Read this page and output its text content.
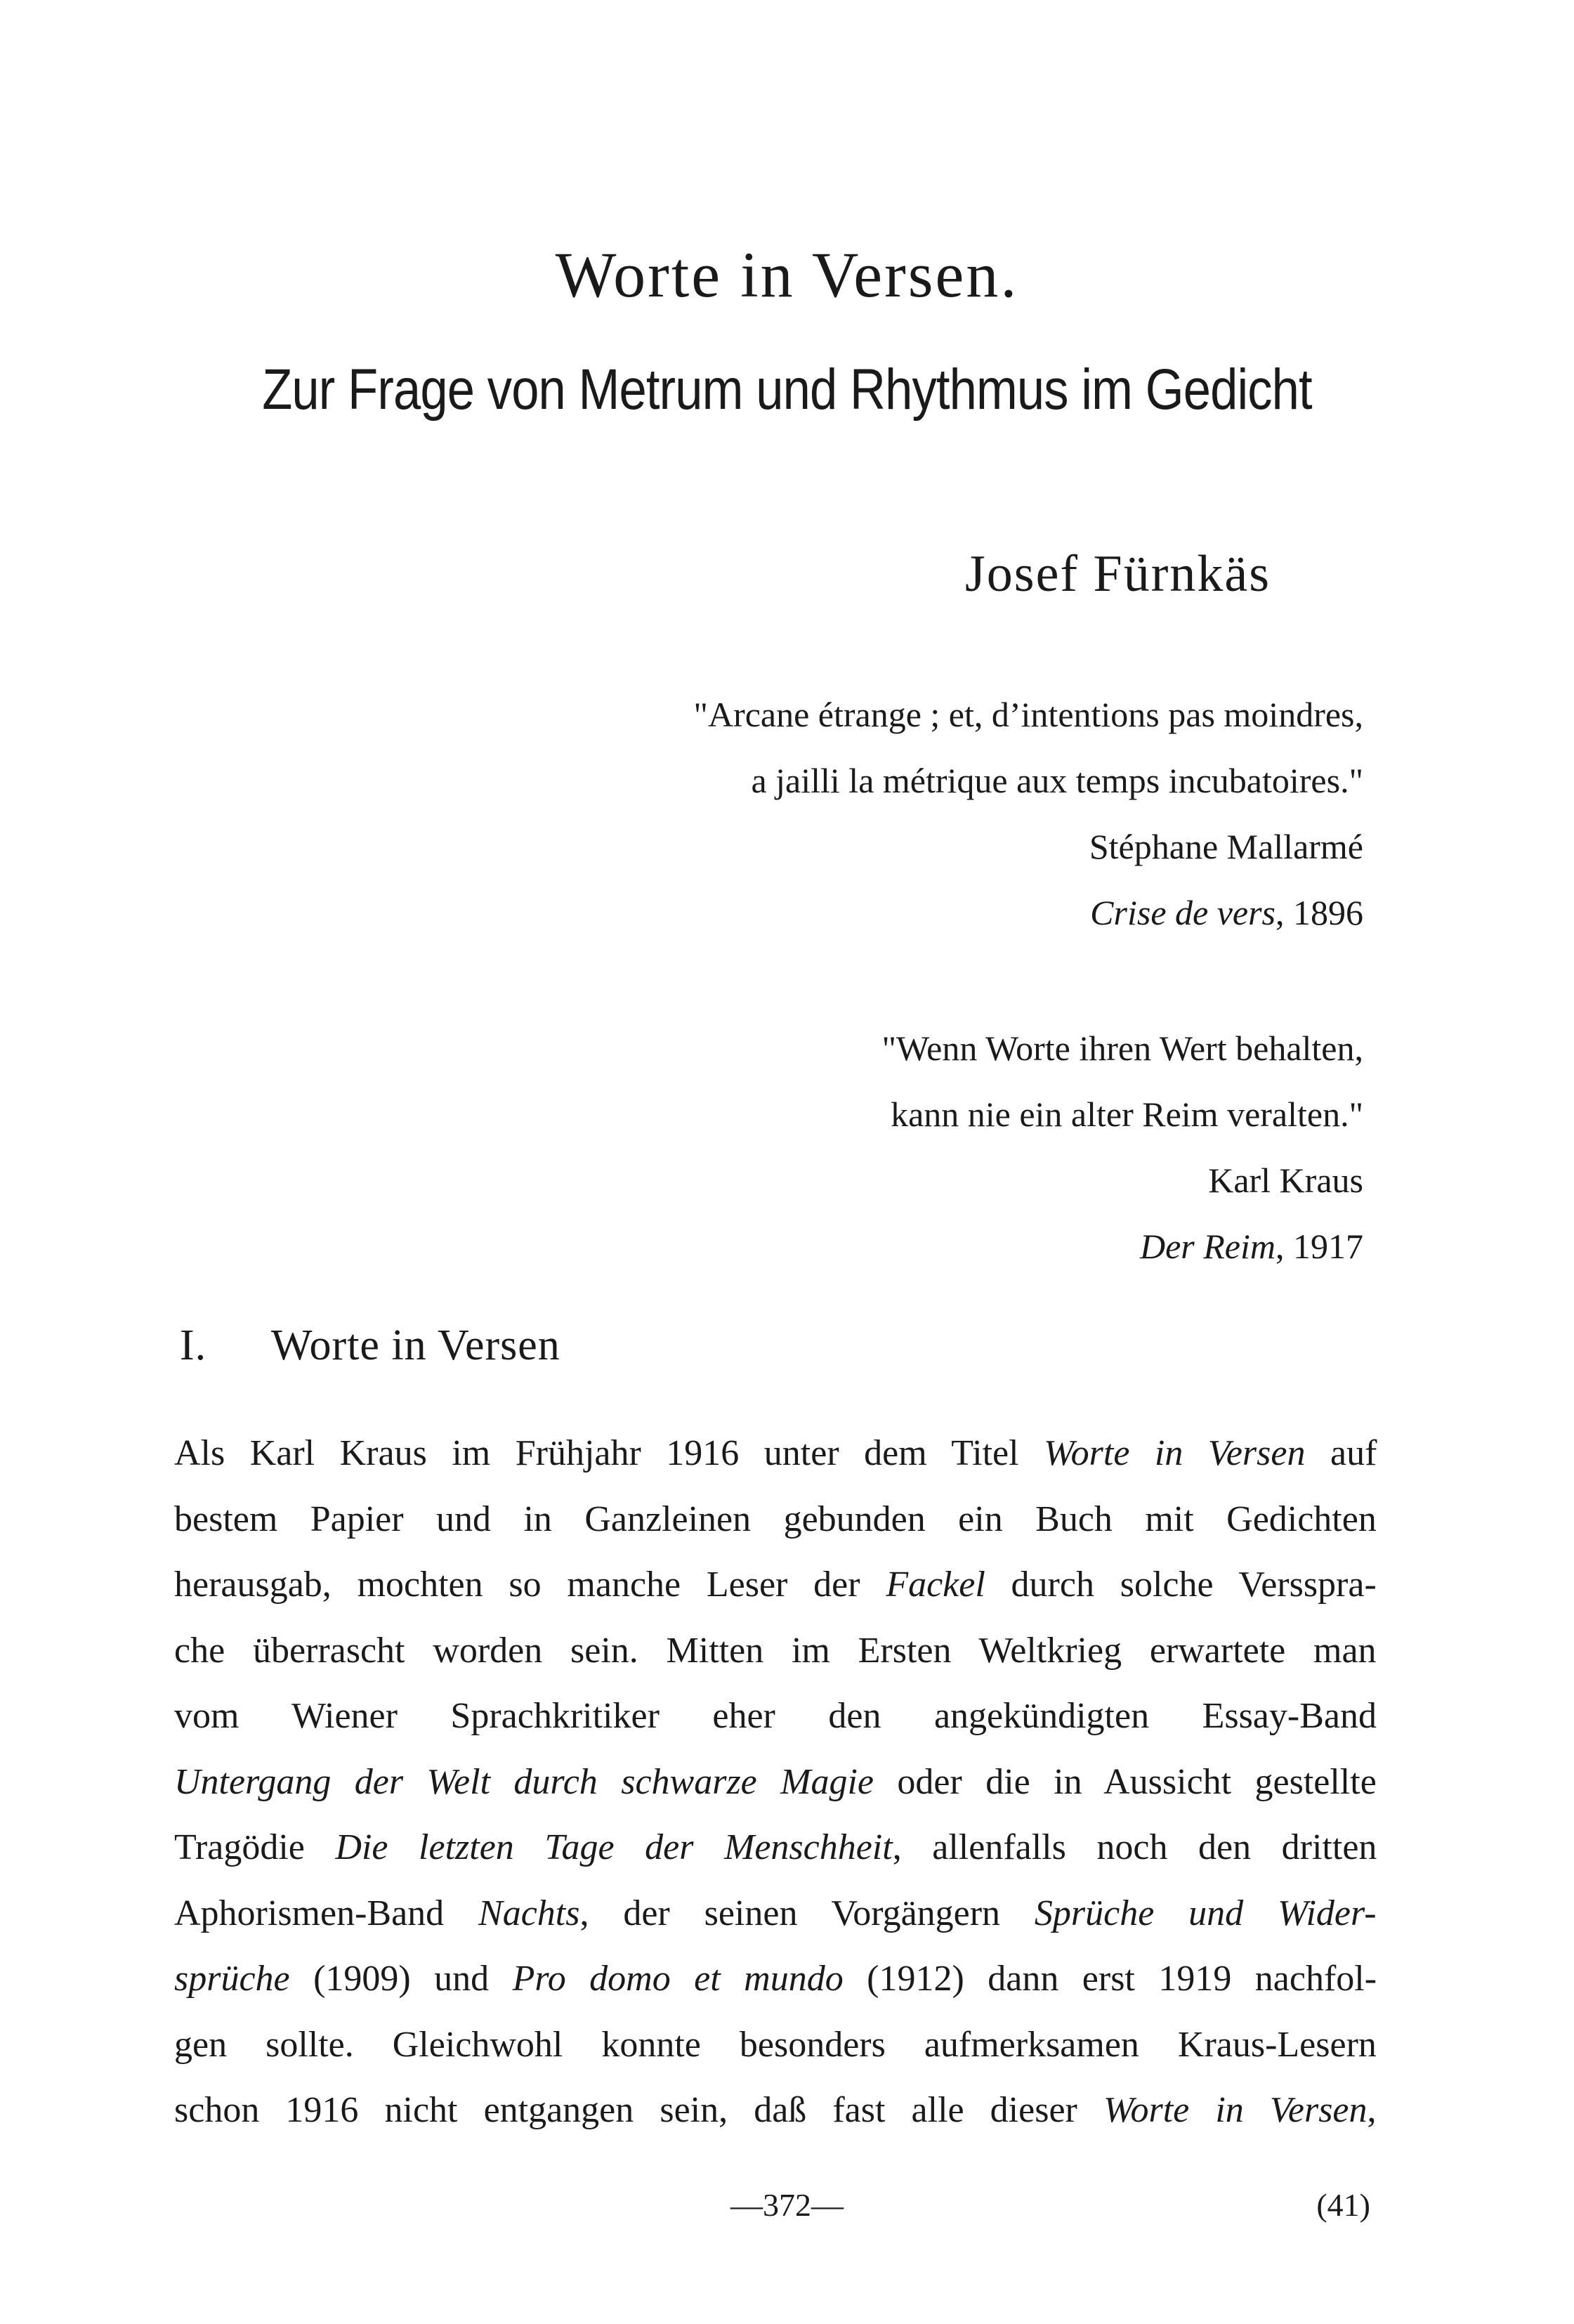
Worte in Versen.
Zur Frage von Metrum und Rhythmus im Gedicht
Josef Fürnkäs
"Arcane étrange ; et, d’intentions pas moindres,
a jailli la métrique aux temps incubatoires."
Stéphane Mallarmé
Crise de vers, 1896
"Wenn Worte ihren Wert behalten,
kann nie ein alter Reim veralten."
Karl Kraus
Der Reim, 1917
I. Worte in Versen
Als Karl Kraus im Frühjahr 1916 unter dem Titel Worte in Versen auf
bestem Papier und in Ganzleinen gebunden ein Buch mit Gedichten
herausgab, mochten so manche Leser der Fackel durch solche Versspra-
che überrascht worden sein. Mitten im Ersten Weltkrieg erwartete man
vom Wiener Sprachkritiker eher den angekündigten Essay-Band
Untergang der Welt durch schwarze Magie oder die in Aussicht gestellte
Tragödie Die letzten Tage der Menschheit, allenfalls noch den dritten
Aphorismen-Band Nachts, der seinen Vorgängern Sprüche und Wider-
sprüche (1909) und Pro domo et mundo (1912) dann erst 1919 nachfol-
gen sollte. Gleichwohl konnte besonders aufmerksamen Kraus-Lesern
schon 1916 nicht entgangen sein, daß fast alle dieser Worte in Versen,
—372—	(41)
